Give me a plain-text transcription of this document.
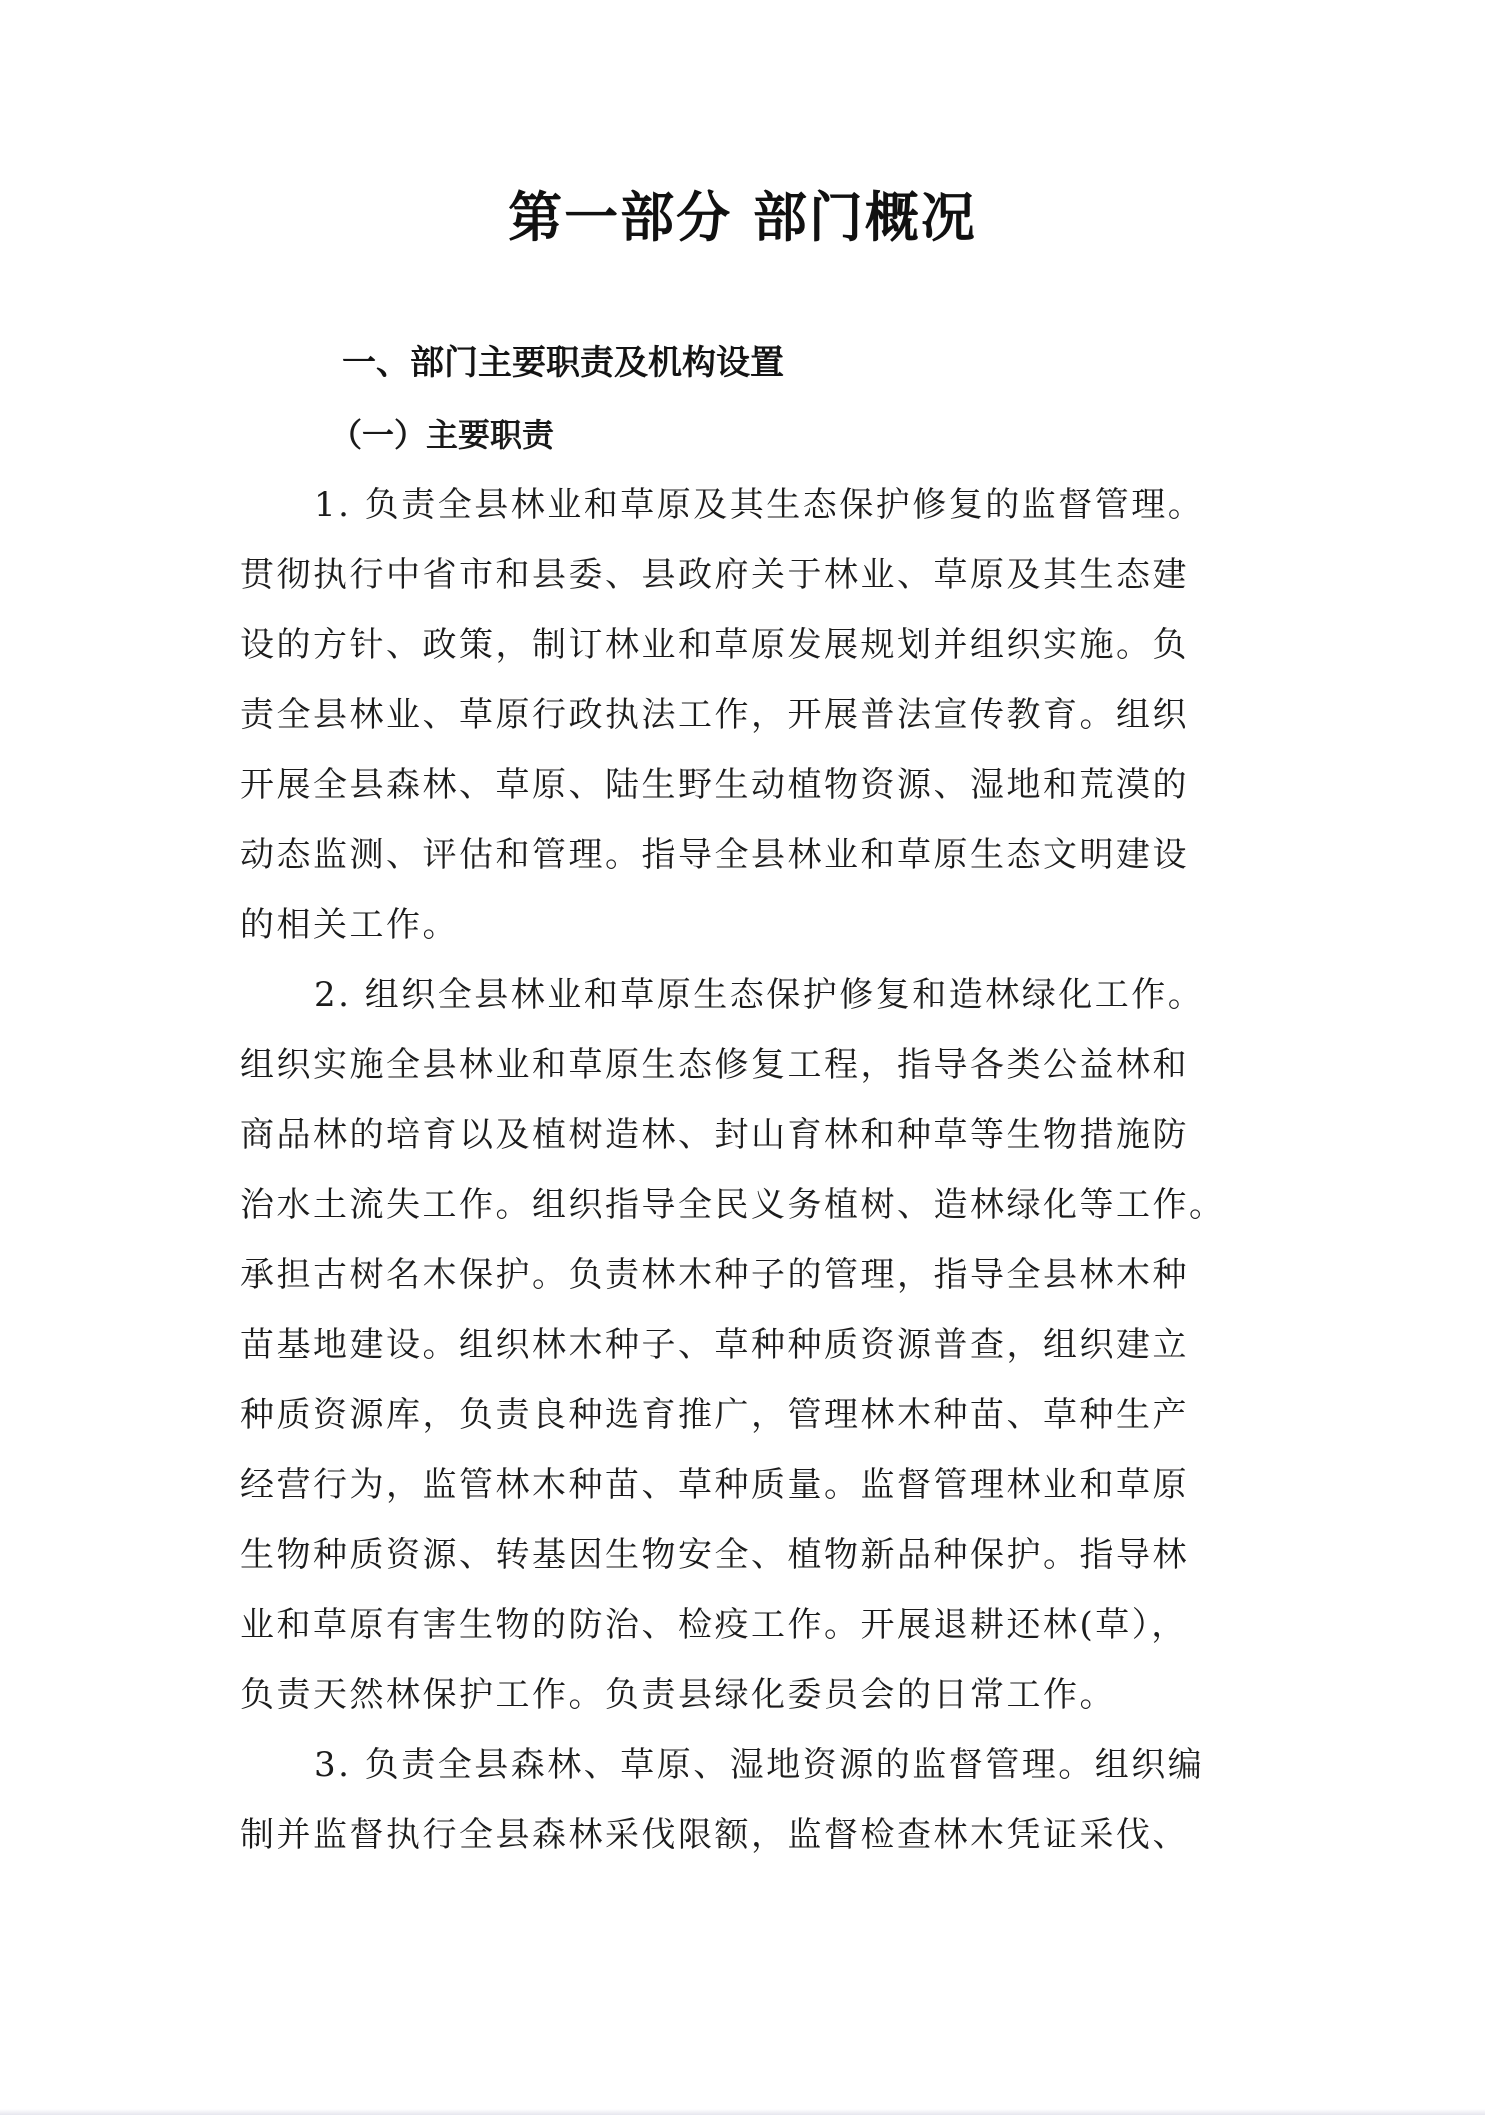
第一部分 部门概况
一、部门主要职责及机构设置
（一）主要职责
1. 负责全县林业和草原及其生态保护修复的监督管理。
贯彻执行中省市和县委、县政府关于林业、草原及其生态建
设的方针、政策，制订林业和草原发展规划并组织实施。负
责全县林业、草原行政执法工作，开展普法宣传教育。组织
开展全县森林、草原、陆生野生动植物资源、湿地和荒漠的
动态监测、评估和管理。指导全县林业和草原生态文明建设
的相关工作。
2. 组织全县林业和草原生态保护修复和造林绿化工作。
组织实施全县林业和草原生态修复工程，指导各类公益林和
商品林的培育以及植树造林、封山育林和种草等生物措施防
治水土流失工作。组织指导全民义务植树、造林绿化等工作。
承担古树名木保护。负责林木种子的管理，指导全县林木种
苗基地建设。组织林木种子、草种种质资源普查，组织建立
种质资源库，负责良种选育推广，管理林木种苗、草种生产
经营行为，监管林木种苗、草种质量。监督管理林业和草原
生物种质资源、转基因生物安全、植物新品种保护。指导林
业和草原有害生物的防治、检疫工作。开展退耕还林(草），
负责天然林保护工作。负责县绿化委员会的日常工作。
3. 负责全县森林、草原、湿地资源的监督管理。组织编
制并监督执行全县森林采伐限额，监督检查林木凭证采伐、
